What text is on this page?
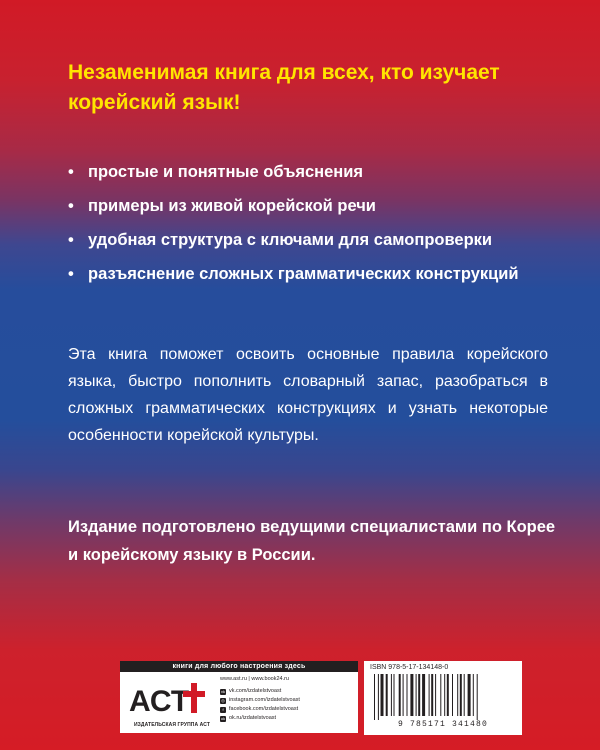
Незаменимая книга для всех, кто изучает корейский язык!
• простые и понятные объяснения
• примеры из живой корейской речи
• удобная структура с ключами для самопроверки
• разъяснение сложных грамматических конструкций

Эта книга поможет освоить основные правила корейского языка, быстро пополнить словарный запас, разобраться в сложных грамматических конструкциях и узнать некоторые особенности корейской культуры.

Издание подготовлено ведущими специалистами по Корее и корейскому языку в России.

книги для любого настроения здесь
АСТ
ИЗДАТЕЛЬСКАЯ ГРУППА АСТ
www.ast.ru | www.book24.ru
vk vk.com/izdatelstvoast
◎ instagram.com/izdatelstvoast
f facebook.com/izdatelstvoast
ok ok.ru/izdatelstvoast
ISBN 978-5-17-134148-0
9 785171 341480
